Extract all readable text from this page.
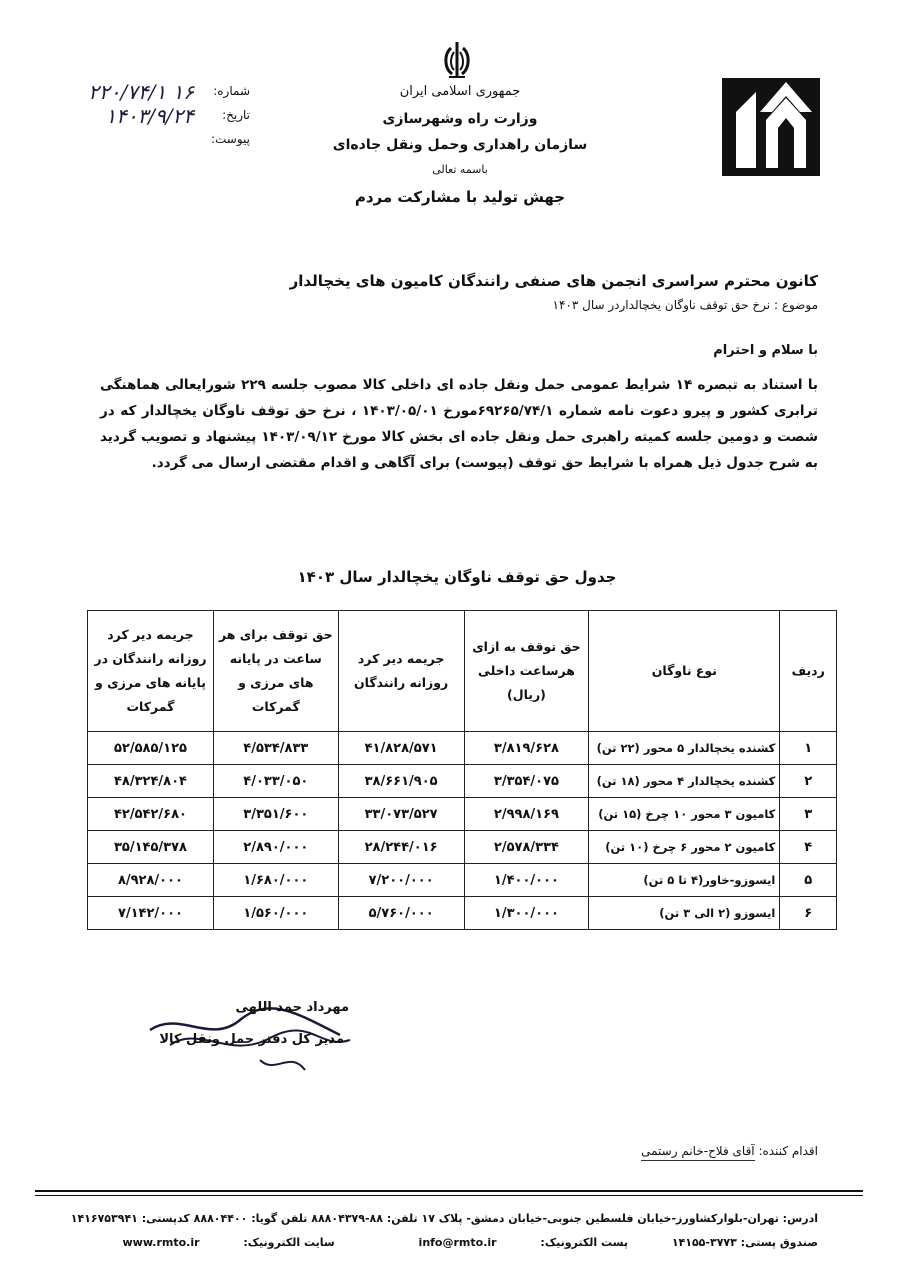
جمهوری اسلامی ایران
وزارت راه وشهرسازی
سازمان راهداری وحمل ونقل جاده‌ای
باسمه تعالی
جهش تولید با مشارکت مردم
شماره:
۱۶ ۲۲۰/۷۴/۱
تاریخ:
۱۴۰۳/۹/۲۴
پیوست:
کانون محترم سراسری انجمن های صنفی رانندگان کامیون های یخچالدار
موضوع : نرخ حق توقف ناوگان یخچالداردر سال ۱۴۰۳
با سلام و احترام
با استناد به تبصره ۱۴ شرایط عمومی حمل ونقل جاده ای داخلی کالا مصوب جلسه ۲۲۹ شورایعالی هماهنگی ترابری کشور و پیرو دعوت نامه شماره ۶۹۲۶۵/۷۴/۱مورخ ۱۴۰۳/۰۵/۰۱ ، نرخ حق توقف ناوگان یخچالدار که در شصت و دومین جلسه کمیته راهبری حمل ونقل جاده ای بخش کالا مورخ ۱۴۰۳/۰۹/۱۲ پیشنهاد و تصویب گردید به شرح جدول ذیل همراه با شرایط حق توقف (پیوست) برای آگاهی و اقدام مقتضی ارسال می گردد.
جدول حق توقف ناوگان یخچالدار سال ۱۴۰۳
ردیف	نوع ناوگان	حق توقف به ازای هرساعت داخلی (ریال)	جریمه دیر کرد روزانه رانندگان	حق توقف برای هر ساعت در پایانه های مرزی و گمرکات	جریمه دیر کرد روزانه رانندگان در پایانه های مرزی و گمرکات
۱	کشنده یخچالدار ۵ محور (۲۲ تن)	۳/۸۱۹/۶۲۸	۴۱/۸۲۸/۵۷۱	۴/۵۳۴/۸۳۳	۵۲/۵۸۵/۱۲۵
۲	کشنده یخچالدار ۴ محور (۱۸ تن)	۳/۳۵۴/۰۷۵	۳۸/۶۶۱/۹۰۵	۴/۰۳۳/۰۵۰	۴۸/۳۲۴/۸۰۴
۳	کامیون ۳ محور ۱۰ چرخ (۱۵ تن)	۲/۹۹۸/۱۶۹	۳۳/۰۷۳/۵۲۷	۳/۳۵۱/۶۰۰	۴۲/۵۴۲/۶۸۰
۴	کامیون ۲ محور ۶ چرخ (۱۰ تن)	۲/۵۷۸/۳۳۴	۲۸/۲۴۴/۰۱۶	۲/۸۹۰/۰۰۰	۳۵/۱۴۵/۳۷۸
۵	ایسوزو-خاور(۴ تا ۵ تن)	۱/۴۰۰/۰۰۰	۷/۲۰۰/۰۰۰	۱/۶۸۰/۰۰۰	۸/۹۲۸/۰۰۰
۶	ایسوزو (۲ الی ۳ تن)	۱/۳۰۰/۰۰۰	۵/۷۶۰/۰۰۰	۱/۵۶۰/۰۰۰	۷/۱۴۲/۰۰۰
مهرداد حمد اللهی
مدیر کل دفتر حمل ونقل کالا
اقدام کننده: آقای فلاح-خانم رستمی
ادرس: تهران-بلوارکشاورز-خیابان فلسطین جنوبی-خیابان دمشق- پلاک ۱۷ تلفن: ۸۸-۸۸۸۰۴۳۷۹ تلفن گویا: ۸۸۸۰۴۴۰۰ کدپستی: ۱۴۱۶۷۵۳۹۴۱
صندوق پستی: ۳۷۷۳-۱۴۱۵۵ پست الکترونیک: info@rmto.ir سایت الکترونیک: www.rmto.ir
